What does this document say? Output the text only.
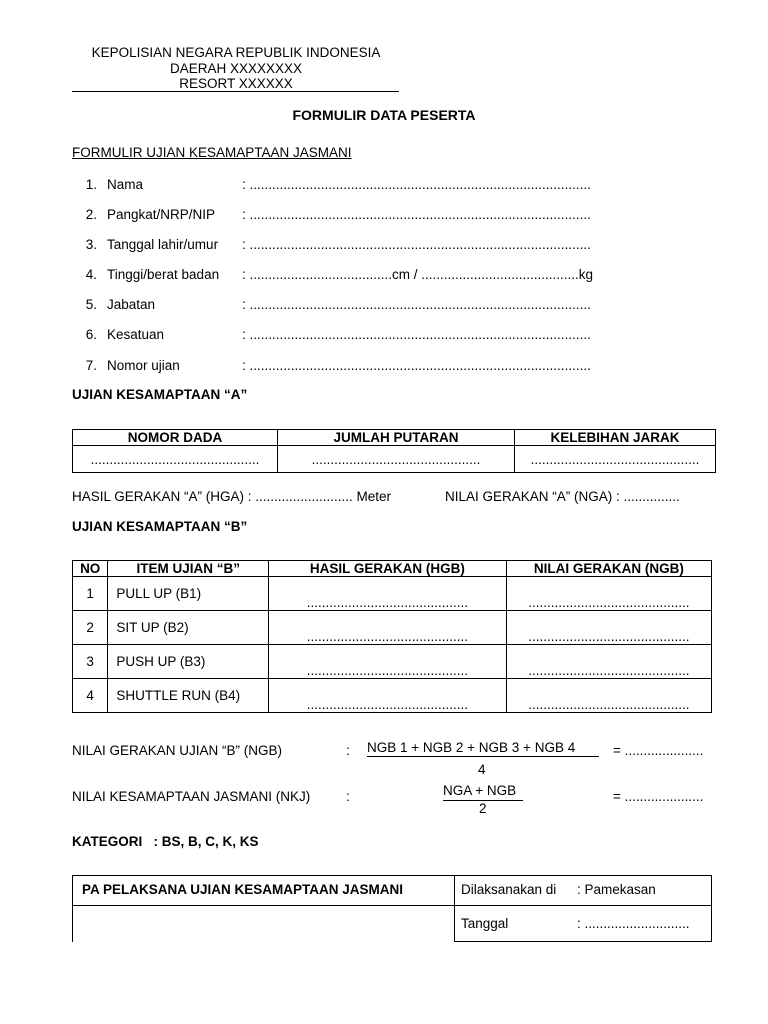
KEPOLISIAN NEGARA REPUBLIK INDONESIA
DAERAH XXXXXXXX
RESORT XXXXXX
FORMULIR DATA PESERTA
FORMULIR UJIAN KESAMAPTAAN JASMANI
1. Nama	: ...........................................................................................
2. Pangkat/NRP/NIP : ...........................................................................................
3. Tanggal lahir/umur : ...........................................................................................
4. Tinggi/berat badan : ......................................cm / ..........................................kg
5. Jabatan	: ...........................................................................................
6. Kesatuan	: ...........................................................................................
7. Nomor ujian	: ...........................................................................................
UJIAN KESAMAPTAAN “A”
NOMOR DADA	JUMLAH PUTARAN	KELEBIHAN JARAK
.............................................	.............................................	.............................................
HASIL GERAKAN “A” (HGA) : .......................... Meter	NILAI GERAKAN “A” (NGA) : ...............
UJIAN KESAMAPTAAN “B”
NO	ITEM UJIAN “B”	HASIL GERAKAN (HGB)	NILAI GERAKAN (NGB)
1	PULL UP (B1)	...........................................	...........................................
2	SIT UP (B2)	...........................................	...........................................
3	PUSH UP (B3)	...........................................	...........................................
4	SHUTTLE RUN (B4)	...........................................	...........................................
NILAI GERAKAN UJIAN “B” (NGB)	: NGB 1 + NGB 2 + NGB 3 + NGB 4
4
= .....................
NILAI KESAMAPTAAN JASMANI (NKJ)	:	NGA + NGB
2
= .....................
KATEGORI   : BS, B, C, K, KS
PA PELAKSANA UJIAN KESAMAPTAAN JASMANI	Dilaksanakan di : Pamekasan
Tanggal	: ............................
